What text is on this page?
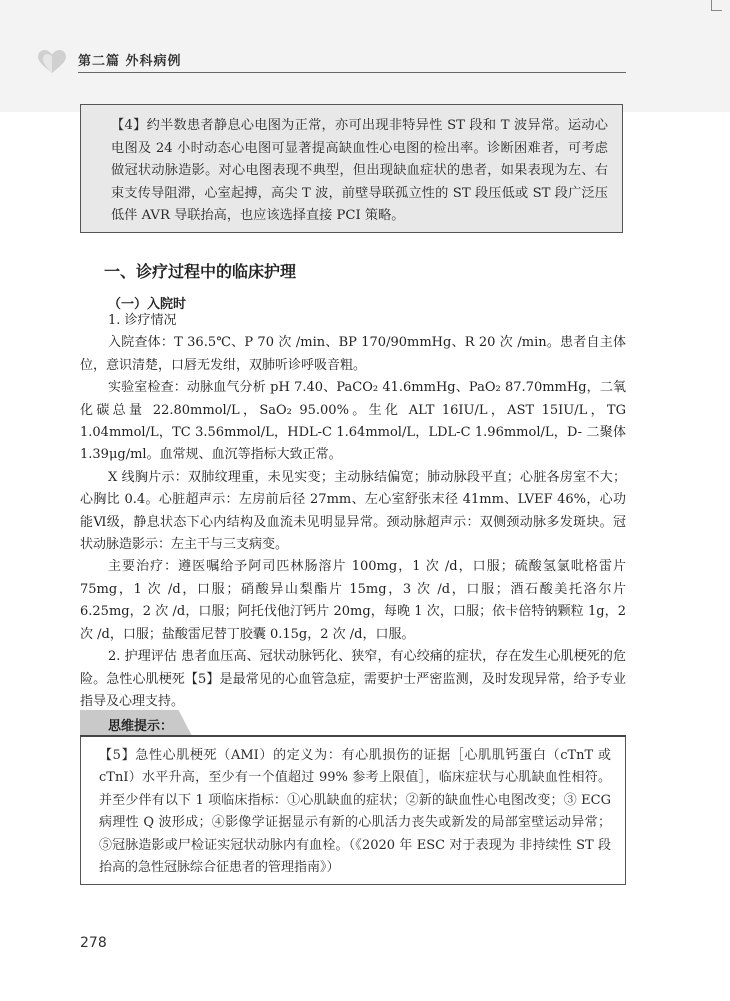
第二篇 外科病例
【4】约半数患者静息心电图为正常，亦可出现非特异性 ST 段和 T 波异常。运动心电图及 24 小时动态心电图可显著提高缺血性心电图的检出率。诊断困难者，可考虑做冠状动脉造影。对心电图表现不典型，但出现缺血症状的患者，如果表现为左、右束支传导阻滞，心室起搏，高尖 T 波，前壁导联孤立性的 ST 段压低或 ST 段广泛压低伴 AVR 导联抬高，也应该选择直接 PCI 策略。
一、诊疗过程中的临床护理
（一）入院时

1. 诊疗情况

入院查体：T 36.5℃、P 70 次 /min、BP 170/90mmHg、R 20 次 /min。患者自主体位，意识清楚，口唇无发绀，双肺听诊呼吸音粗。

实验室检查：动脉血气分析 pH 7.40、PaCO₂ 41.6mmHg、PaO₂ 87.70mmHg，二氧化碳总量 22.80mmol/L，SaO₂ 95.00%。生化 ALT 16IU/L，AST 15IU/L，TG 1.04mmol/L，TC 3.56mmol/L，HDL-C 1.64mmol/L，LDL-C 1.96mmol/L，D- 二聚体 1.39μg/ml。血常规、血沉等指标大致正常。

X 线胸片示：双肺纹理重，未见实变；主动脉结偏宽；肺动脉段平直；心脏各房室不大；心胸比 0.4。心脏超声示：左房前后径 27mm、左心室舒张末径 41mm、LVEF 46%，心功能Ⅵ级，静息状态下心内结构及血流未见明显异常。颈动脉超声示：双侧颈动脉多发斑块。冠状动脉造影示：左主干与三支病变。

主要治疗：遵医嘱给予阿司匹林肠溶片 100mg，1 次 /d，口服；硫酸氢氯吡格雷片 75mg，1 次 /d，口服；硝酸异山梨酯片 15mg，3 次 /d，口服；酒石酸美托洛尔片 6.25mg，2 次 /d，口服；阿托伐他汀钙片 20mg，每晚 1 次，口服；依卡倍特钠颗粒 1g，2 次 /d，口服；盐酸雷尼替丁胶囊 0.15g，2 次 /d，口服。

2. 护理评估 患者血压高、冠状动脉钙化、狭窄，有心绞痛的症状，存在发生心肌梗死的危险。急性心肌梗死【5】是最常见的心血管急症，需要护士严密监测，及时发现异常，给予专业指导及心理支持。

思维提示：
【5】急性心肌梗死（AMI）的定义为：有心肌损伤的证据［心肌肌钙蛋白（cTnT 或 cTnI）水平升高，至少有一个值超过 99% 参考上限值］，临床症状与心肌缺血性相符。并至少伴有以下 1 项临床指标：①心肌缺血的症状；②新的缺血性心电图改变；③ ECG 病理性 Q 波形成；④影像学证据显示有新的心肌活力丧失或新发的局部室壁运动异常；⑤冠脉造影或尸检证实冠状动脉内有血栓。（《2020 年 ESC 对于表现为 非持续性 ST 段抬高的急性冠脉综合征患者的管理指南》）
278
